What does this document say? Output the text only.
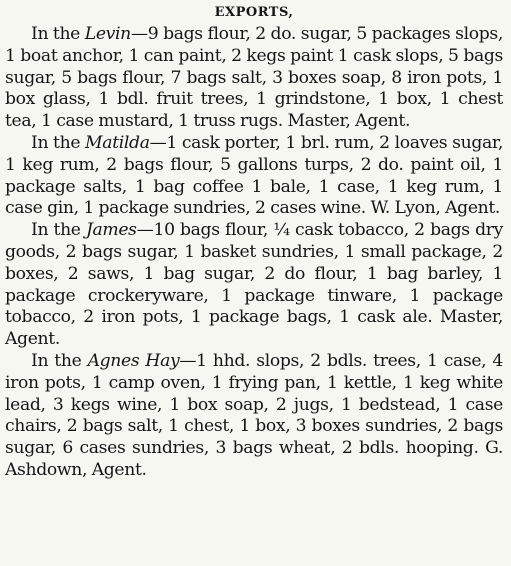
EXPORTS,

In the Levin—9 bags flour, 2 do. sugar, 5 packages slops, 1 boat anchor, 1 can paint, 2 kegs paint 1 cask slops, 5 bags sugar, 5 bags flour, 7 bags salt, 3 boxes soap, 8 iron pots, 1 box glass, 1 bdl. fruit trees, 1 grindstone, 1 box, 1 chest tea, 1 case mustard, 1 truss rugs. Master, Agent.

In the Matilda—1 cask porter, 1 brl. rum, 2 loaves sugar, 1 keg rum, 2 bags flour, 5 gallons turps, 2 do. paint oil, 1 package salts, 1 bag coffee 1 bale, 1 case, 1 keg rum, 1 case gin, 1 package sundries, 2 cases wine. W. Lyon, Agent.

In the James—10 bags flour, ¼ cask tobacco, 2 bags dry goods, 2 bags sugar, 1 basket sundries, 1 small package, 2 boxes, 2 saws, 1 bag sugar, 2 do flour, 1 bag barley, 1 package crockeryware, 1 package tinware, 1 package tobacco, 2 iron pots, 1 package bags, 1 cask ale. Master, Agent.

In the Agnes Hay—1 hhd. slops, 2 bdls. trees, 1 case, 4 iron pots, 1 camp oven, 1 frying pan, 1 kettle, 1 keg white lead, 3 kegs wine, 1 box soap, 2 jugs, 1 bedstead, 1 case chairs, 2 bags salt, 1 chest, 1 box, 3 boxes sundries, 2 bags sugar, 6 cases sundries, 3 bags wheat, 2 bdls. hooping. G. Ashdown, Agent.
